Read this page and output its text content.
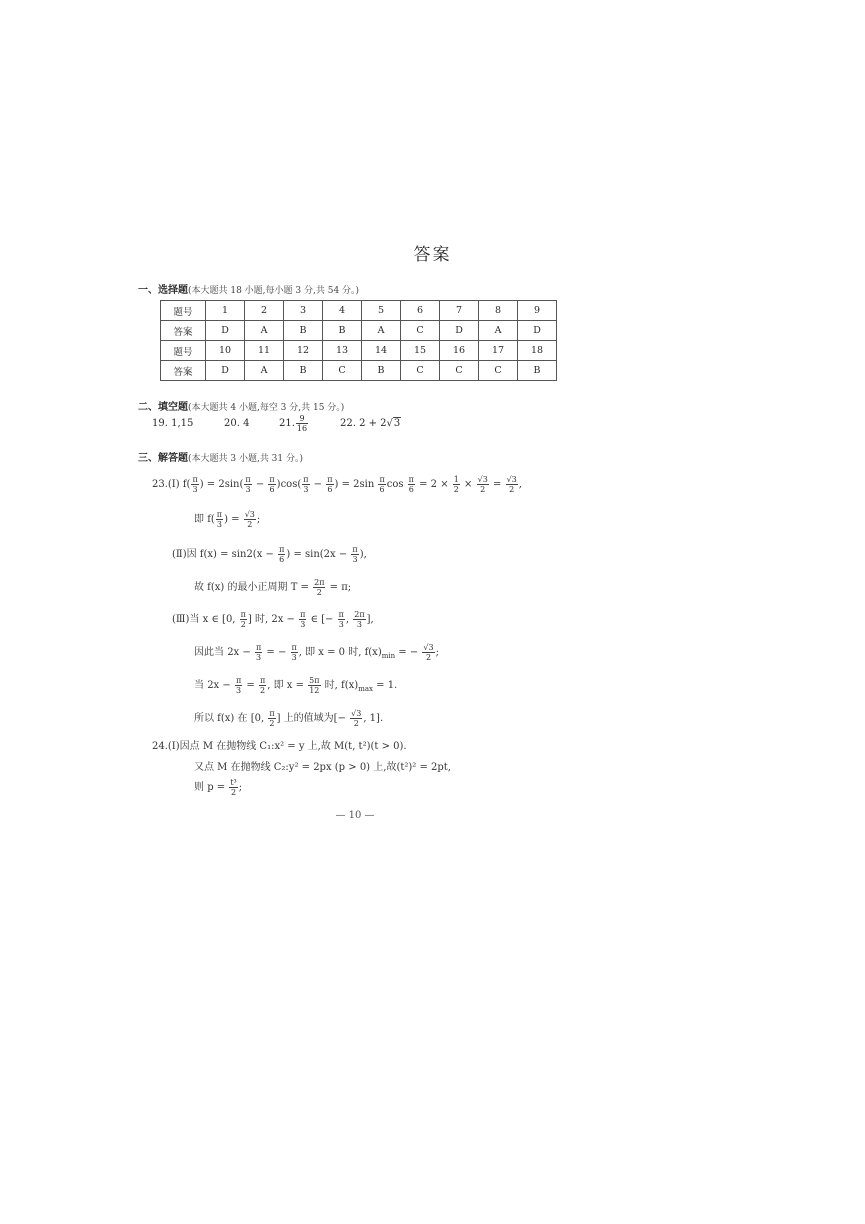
答案
一、选择题(本大题共 18 小题,每小题 3 分,共 54 分。)
题号	1	2	3	4	5	6	7	8	9
答案	D	A	B	B	A	C	D	A	D
题号	10	11	12	13	14	15	16	17	18
答案	D	A	B	C	B	C	C	C	B
二、填空题(本大题共 4 小题,每空 3 分,共 15 分。)
19. 1,15	20. 4	21. $\frac{9}{16}$	22. 2 + 2√3
三、解答题(本大题共 3 小题,共 31 分。)
23.(Ⅰ) $f( \frac{\pi}{3}$ ) = $2\sin( \frac{\pi}{3} - \frac{\pi}{6} )\cos( \frac{\pi}{3} - \frac{\pi}{6}$ ) = $2\sin \frac{\pi}{6}$ $\cos \frac{\pi}{6} = 2 \times \frac{1}{2} \times \frac{√3}{2} = \frac{√3}{2}$ ,
即 $f( \frac{\pi}{3}$ ) = $\frac{√3}{2}$ ;
(Ⅱ)因 $f(x) = \sin 2(x - \frac{\pi}{6}$ ) = $\sin(2x - \frac{\pi}{3}$ ),
故 f(x) 的最小正周期 $T = \frac{2\pi}{2} = \pi$;
(Ⅲ)当 x ∈ [0, $\frac{\pi}{2}$ ] 时, $2x - \frac{\pi}{3}$ ∈ [− $\frac{\pi}{3}$ , $\frac{2\pi}{3}$ ],
因此当 $2x - \frac{\pi}{3}$ = − $\frac{\pi}{3}$ , 即 x = 0 时, $f(x)_{min}$ = − $\frac{√3}{2}$ ;
当 $2x - \frac{\pi}{3} = \frac{\pi}{2}$ , 即 $x = \frac{5\pi}{12}$ 时, $f(x)_{max} = 1$.
所以 f(x) 在 [0, $\frac{\pi}{2}$ ] 上的值域为[− $\frac{√3}{2}$ , 1].
24.(Ⅰ)因点 M 在抛物线 C₁:x² = y 上,故 M(t, t²)(t > 0).
又点 M 在抛物线 C₂:y² = 2px (p > 0) 上,故(t²)² = 2pt,
则 $p = \frac{\text{t³}}{2}$ ;
— 10 —
